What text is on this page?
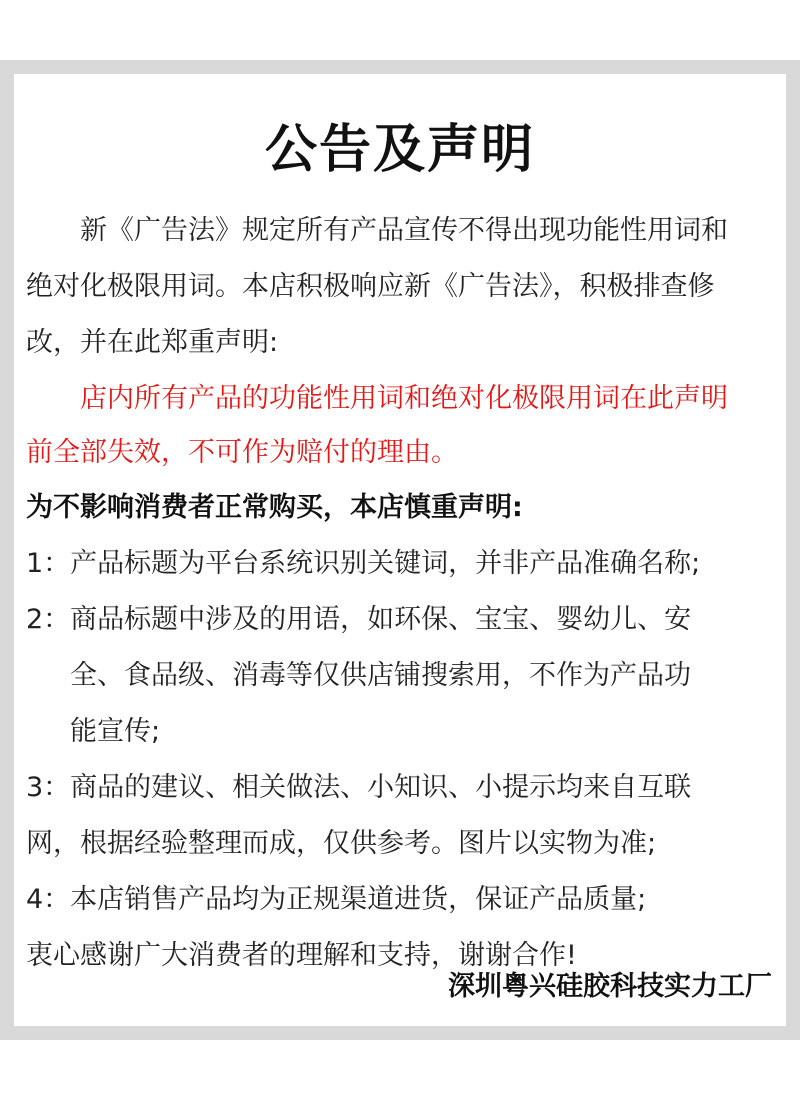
公告及声明
新《广告法》规定所有产品宣传不得出现功能性用词和
绝对化极限用词。本店积极响应新《广告法》，积极排查修
改，并在此郑重声明:
店内所有产品的功能性用词和绝对化极限用词在此声明
前全部失效，不可作为赔付的理由。
为不影响消费者正常购买，本店慎重声明:
1：产品标题为平台系统识别关键词，并非产品准确名称;
2：商品标题中涉及的用语，如环保、宝宝、婴幼儿、安
全、食品级、消毒等仅供店铺搜索用，不作为产品功
能宣传;
3：商品的建议、相关做法、小知识、小提示均来自互联
网，根据经验整理而成，仅供参考。图片以实物为准;
4：本店销售产品均为正规渠道进货，保证产品质量;
衷心感谢广大消费者的理解和支持，谢谢合作!
深圳粤兴硅胶科技实力工厂
